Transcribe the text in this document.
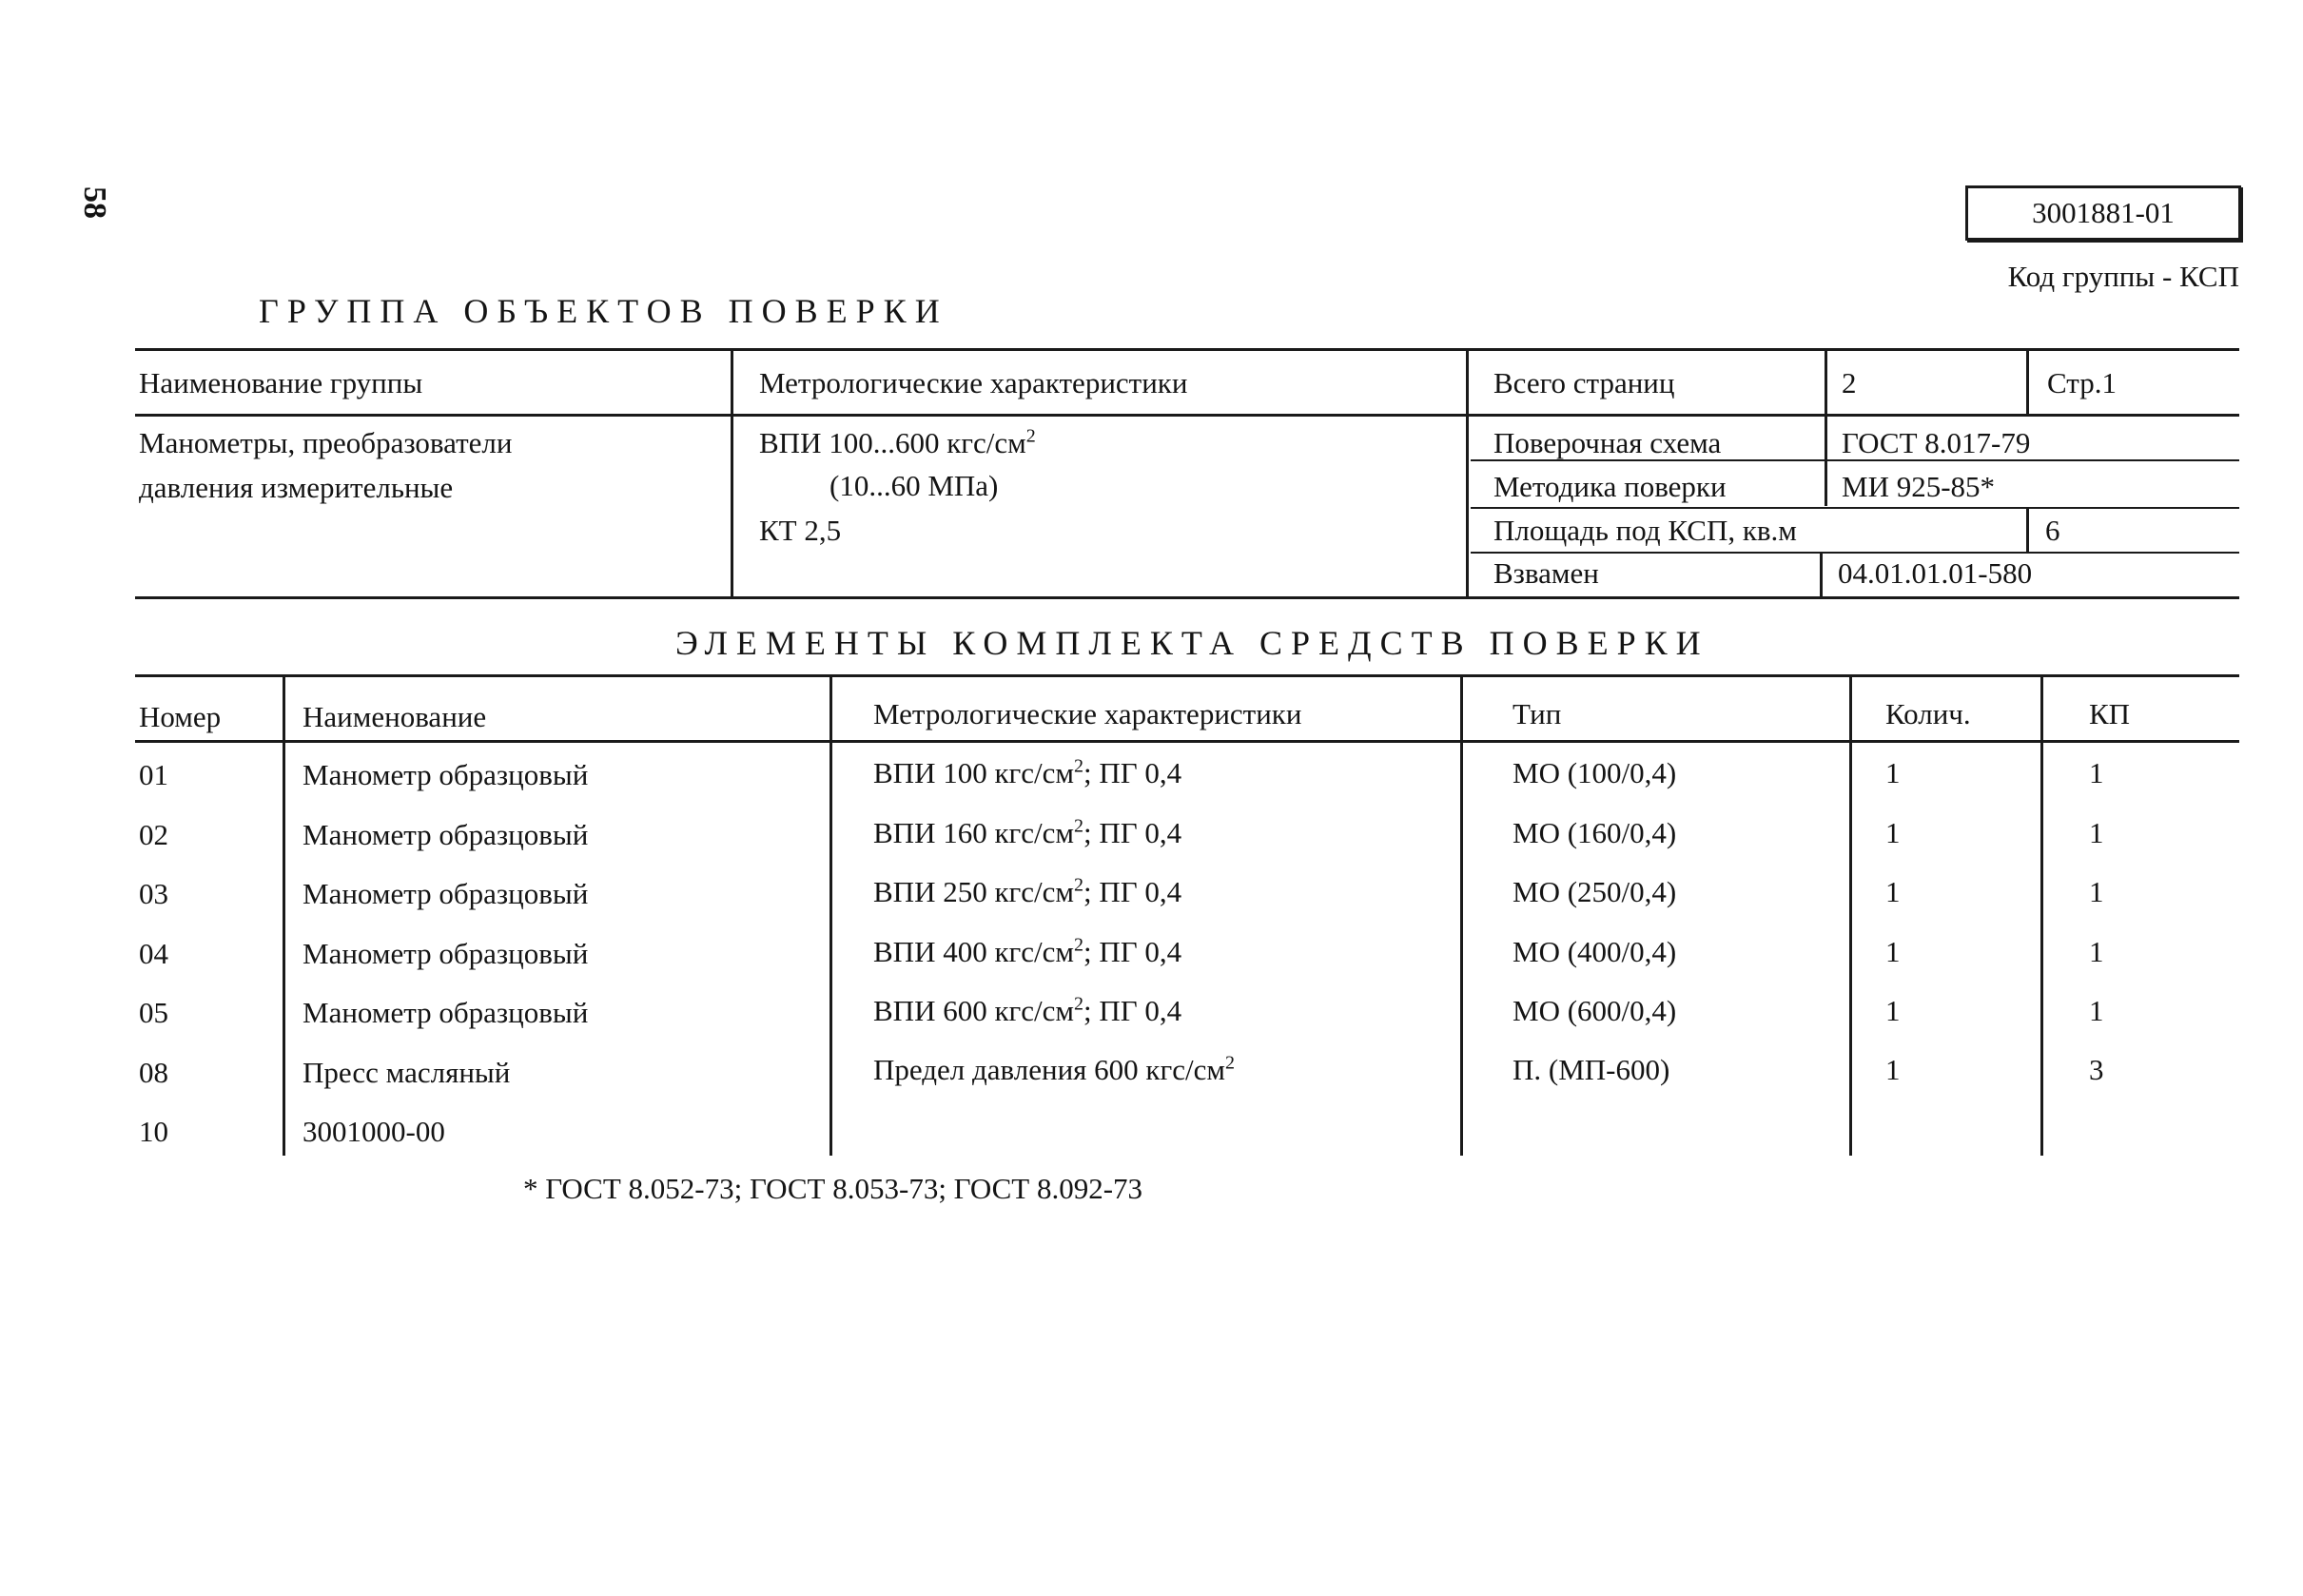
58	3001881-01
Код группы - КСП
ГРУППА ОБЪЕКТОВ ПОВЕРКИ
Наименование группы	Метрологические характеристики	Всего страниц	2	Стр.1
Манометры, преобразователи
давления измерительные
ВПИ 100...600 кгс/$см^2$
(10...60 МПа)
КТ 2,5
Поверочная схема	ГОСТ 8.017-79
Методика поверки	МИ 925-85*
Площадь под КСП, кв.м	6
Взвамен	04.01.01.01-580
ЭЛЕМЕНТЫ КОМПЛЕКТА СРЕДСТВ ПОВЕРКИ
Номер	Наименование	Метрологические характеристики	Тип	Колич.	КП
01	Манометр образцовый	ВПИ 100 кгс/$см^2$; ПГ 0,4	МО (100/0,4)	1	1
02	Манометр образцовый	ВПИ 160 кгс/$см^2$; ПГ 0,4	МО (160/0,4)	1	1
03	Манометр образцовый	ВПИ 250 кгс/$см^2$; ПГ 0,4	МО (250/0,4)	1	1
04	Манометр образцовый	ВПИ 400 кгс/$см^2$; ПГ 0,4	МО (400/0,4)	1	1
05	Манометр образцовый	ВПИ 600 кгс/$см^2$; ПГ 0,4	МО (600/0,4)	1	1
08	Пресс масляный	Предел давления 600 кгс/$см^2$	П. (МП-600)	1	3
10	3001000-00
* ГОСТ 8.052-73; ГОСТ 8.053-73; ГОСТ 8.092-73
